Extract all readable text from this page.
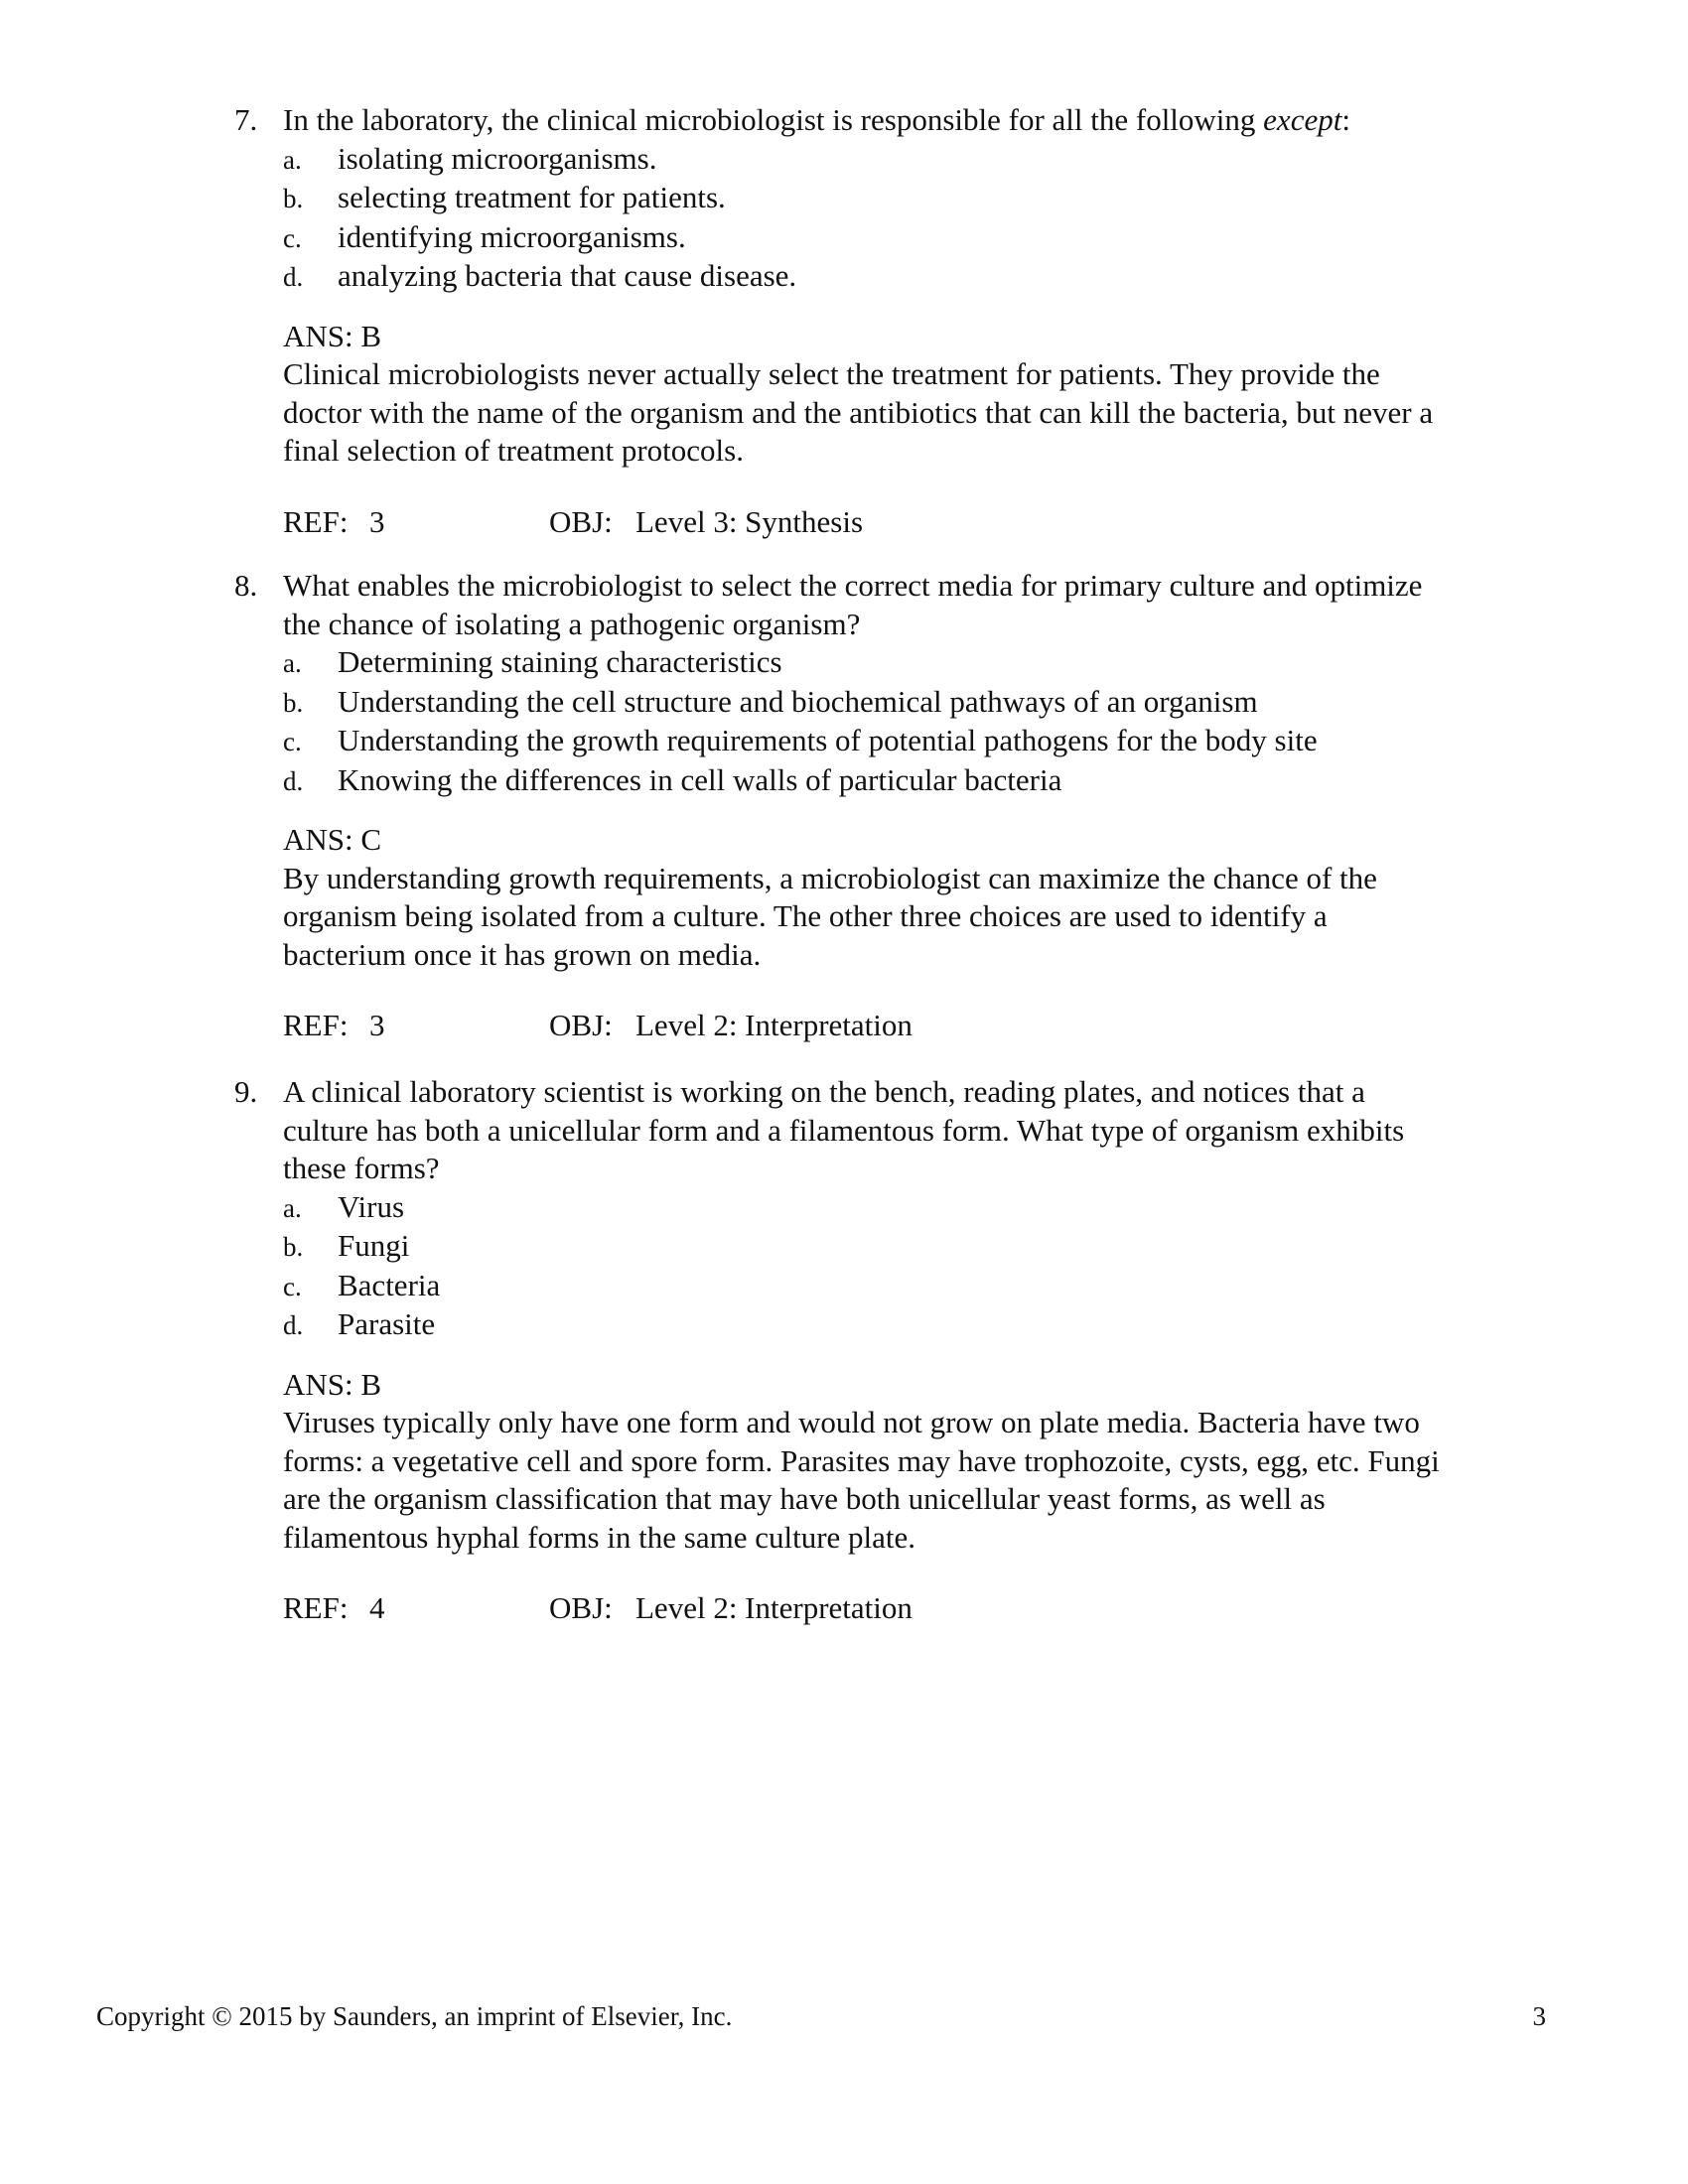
7. In the laboratory, the clinical microbiologist is responsible for all the following except:
a. isolating microorganisms.
b. selecting treatment for patients.
c. identifying microorganisms.
d. analyzing bacteria that cause disease.
ANS: B
Clinical microbiologists never actually select the treatment for patients. They provide the
doctor with the name of the organism and the antibiotics that can kill the bacteria, but never a
final selection of treatment protocols.
REF: 3	OBJ: Level 3: Synthesis
8. What enables the microbiologist to select the correct media for primary culture and optimize
the chance of isolating a pathogenic organism?
a. Determining staining characteristics
b. Understanding the cell structure and biochemical pathways of an organism
c. Understanding the growth requirements of potential pathogens for the body site
d. Knowing the differences in cell walls of particular bacteria
ANS: C
By understanding growth requirements, a microbiologist can maximize the chance of the
organism being isolated from a culture. The other three choices are used to identify a
bacterium once it has grown on media.
REF: 3	OBJ: Level 2: Interpretation
9. A clinical laboratory scientist is working on the bench, reading plates, and notices that a
culture has both a unicellular form and a filamentous form. What type of organism exhibits
these forms?
a. Virus
b. Fungi
c. Bacteria
d. Parasite
ANS: B
Viruses typically only have one form and would not grow on plate media. Bacteria have two
forms: a vegetative cell and spore form. Parasites may have trophozoite, cysts, egg, etc. Fungi
are the organism classification that may have both unicellular yeast forms, as well as
filamentous hyphal forms in the same culture plate.
REF: 4	OBJ: Level 2: Interpretation
Copyright © 2015 by Saunders, an imprint of Elsevier, Inc.	3
